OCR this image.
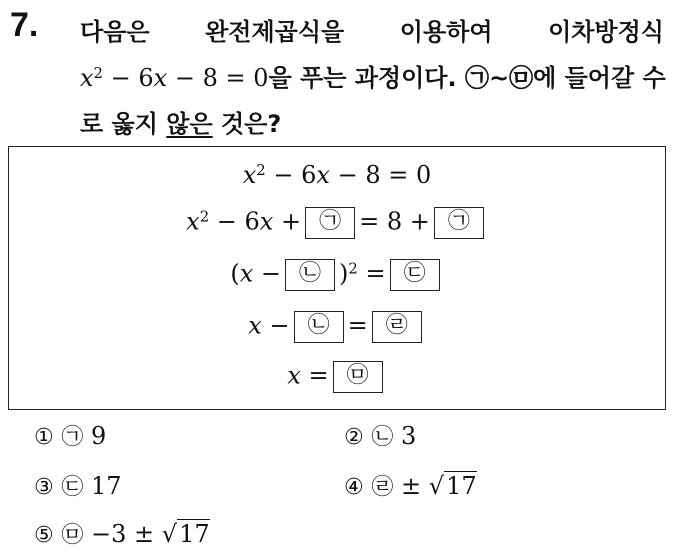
7. 다음은 완전제곱식을 이용하여 이차방정식
$x^2 - 6x - 8 = 0$을 푸는 과정이다. ㉠~㉤에 들어갈 수
로 옳지 않은 것은?
$x^2 - 6x - 8 = 0$
$x^2 - 6x$ + ㉠ = 8 + ㉠
(x − ㉡ )$^2$ = ㉢
x − ㉡ = ㉣
x = ㉤
① ㉠ 9	② ㉡ 3
③ ㉢ 17	④ ㉣ ± √17
⑤ ㉤ −3 ± √17
